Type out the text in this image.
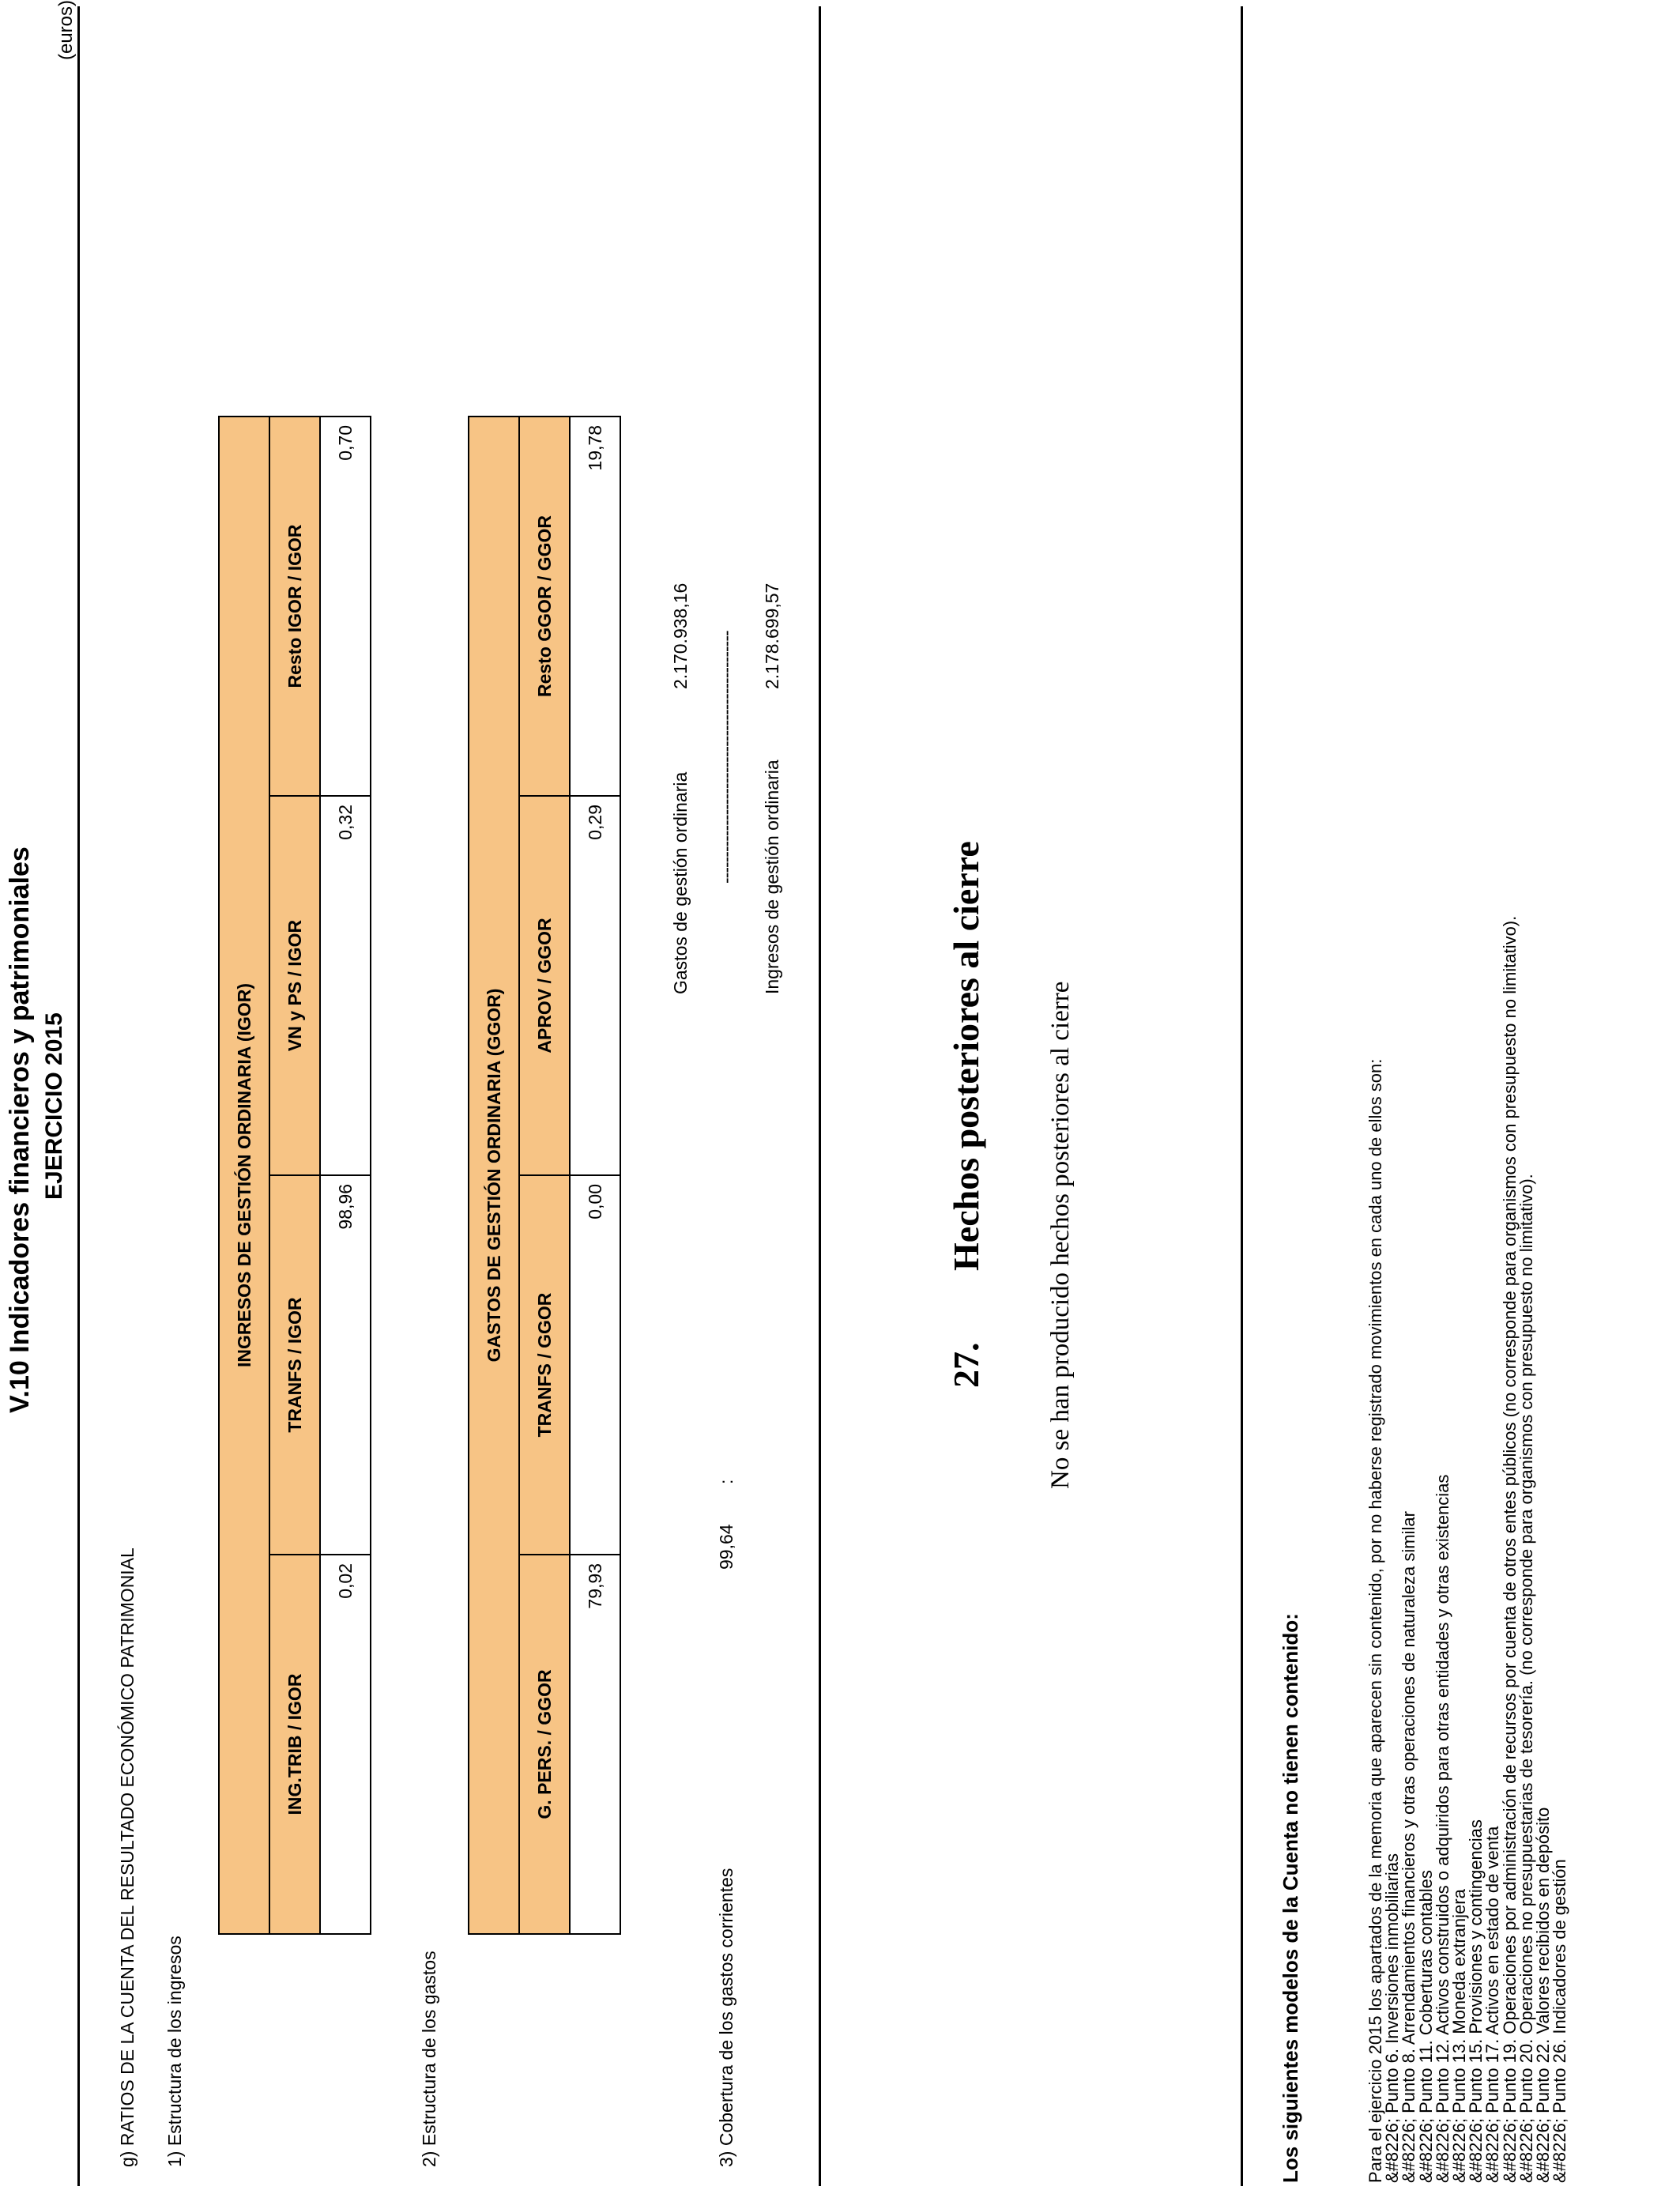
V.10 Indicadores financieros y patrimoniales EJERCICIO 2015
(euros)
g) RATIOS DE LA CUENTA DEL RESULTADO ECONÓMICO PATRIMONIAL 1) Estructura de los ingresos
INGRESOS DE GESTIÓN ORDINARIA (IGOR)			
ING.TRIB / IGOR	TRANFS / IGOR	VN y PS / IGOR	Resto IGOR / IGOR
0,02	98,96	0,32	0,70
2) Estructura de los gastos
GASTOS DE GESTIÓN ORDINARIA (GGOR)			
G. PERS. / GGOR	TRANFS / GGOR	APROV / GGOR	Resto GGOR / GGOR
79,93	0,00	0,29	19,78
3) Cobertura de los gastos corrientes
99,64
:
Gastos de gestión ordinaria
2.170.938,16 ------------------------------------------------ Ingresos de gestión ordinaria
2.178.699,57
27.
Hechos posteriores al cierre No se han producido hechos posteriores al cierre
Los siguientes modelos de la Cuenta no tienen contenido:	Para el ejercicio 2015 los apartados de la memoria que aparecen sin contenido, por no haberse registrado movimientos en cada uno de ellos son:
&#8226; Punto 6. Inversiones inmobiliarias
&#8226; Punto 8. Arrendamientos financieros y otras operaciones de naturaleza similar
&#8226; Punto 11. Coberturas contables
&#8226; Punto 12. Activos construidos o adquiridos para otras entidades y otras existencias
&#8226; Punto 13. Moneda extranjera
&#8226; Punto 15. Provisiones y contingencias
&#8226; Punto 17. Activos en estado de venta
&#8226; Punto 19. Operaciones por administración de recursos por cuenta de otros entes públicos (no corresponde para organismos con presupuesto no limitativo).
&#8226; Punto 20. Operaciones no presupuestarias de tesorería. (no corresponde para organismos con presupuesto no limitativo).
&#8226; Punto 22. Valores recibidos en depósito
&#8226; Punto 26. Indicadores de gestión
